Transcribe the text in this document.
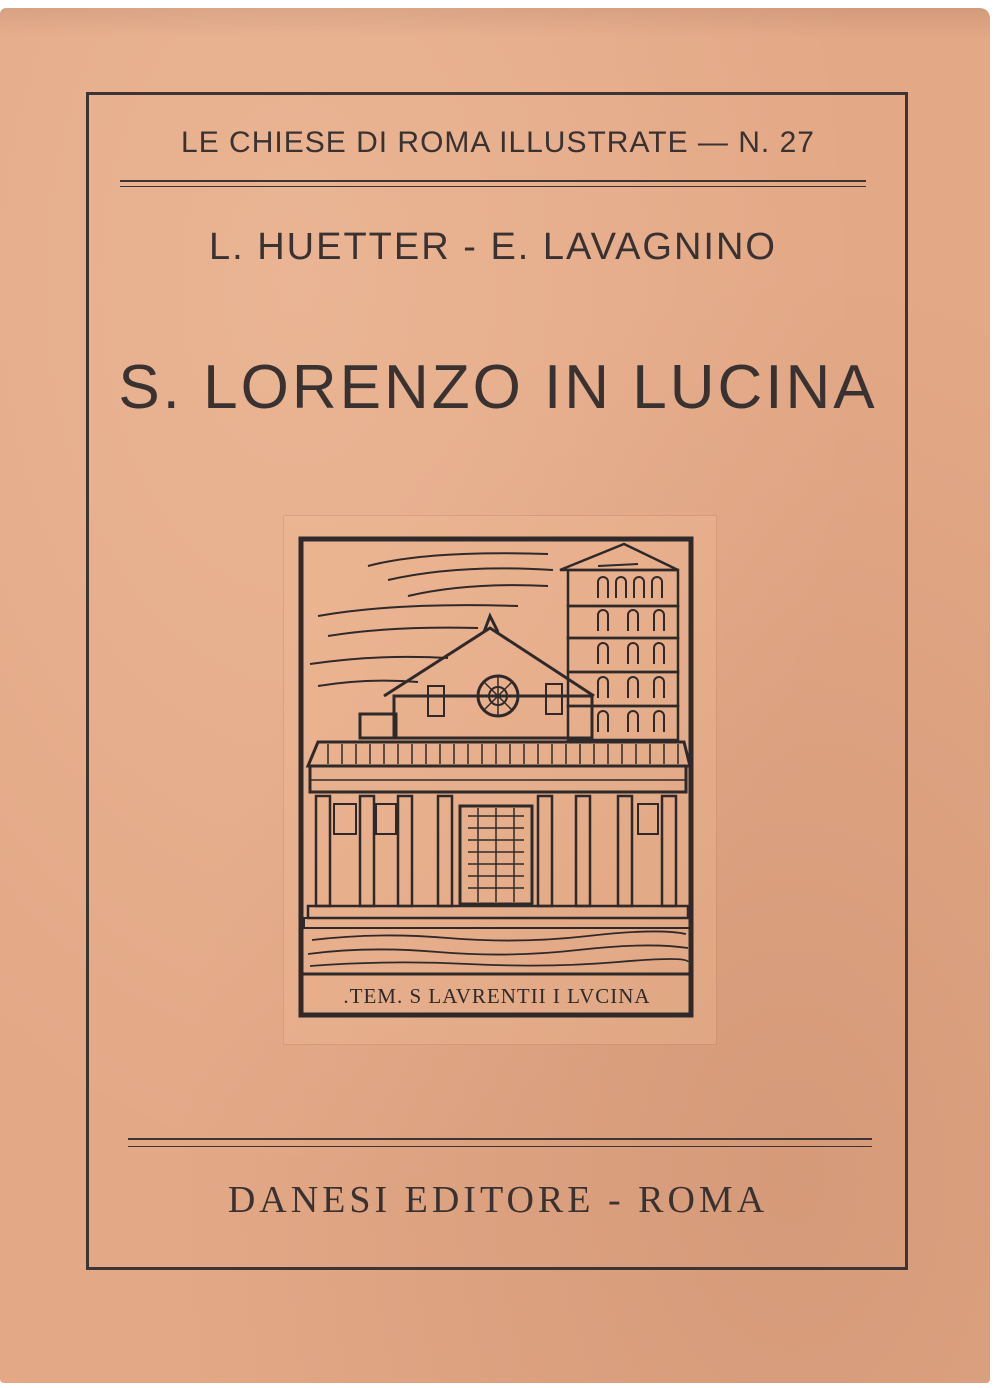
LE CHIESE DI ROMA ILLUSTRATE — N. 27
L. HUETTER - E. LAVAGNINO
S. LORENZO IN LUCINA
.TEM. S LAVRENTII I LVCINA
DANESI EDITORE - ROMA
